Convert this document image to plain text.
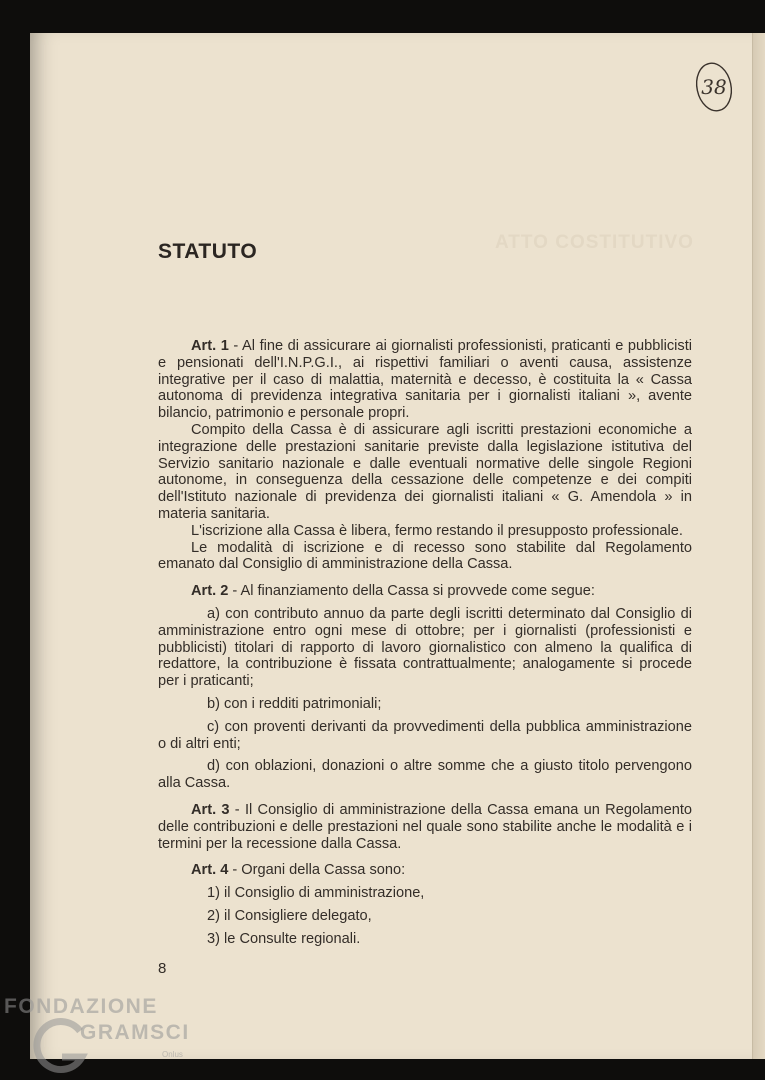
38
ATTO COSTITUTIVO
STATUTO

Art. 1 - Al fine di assicurare ai giornalisti professionisti, praticanti e pubblicisti e pensionati dell'I.N.P.G.I., ai rispettivi familiari o aventi causa, assistenze integrative per il caso di malattia, maternità e decesso, è costituita la « Cassa autonoma di previdenza integrativa sanitaria per i giornalisti italiani », avente bilancio, patrimonio e personale propri.

Compito della Cassa è di assicurare agli iscritti prestazioni economiche a integrazione delle prestazioni sanitarie previste dalla legislazione istitutiva del Servizio sanitario nazionale e dalle eventuali normative delle singole Regioni autonome, in conseguenza della cessazione delle competenze e dei compiti dell'Istituto nazionale di previdenza dei giornalisti italiani « G. Amendola » in materia sanitaria.

L'iscrizione alla Cassa è libera, fermo restando il presupposto professionale.

Le modalità di iscrizione e di recesso sono stabilite dal Regolamento emanato dal Consiglio di amministrazione della Cassa.

Art. 2 - Al finanziamento della Cassa si provvede come segue:

a) con contributo annuo da parte degli iscritti determinato dal Consiglio di amministrazione entro ogni mese di ottobre; per i giornalisti (professionisti e pubblicisti) titolari di rapporto di lavoro giornalistico con almeno la qualifica di redattore, la contribuzione è fissata contrattualmente; analogamente si procede per i praticanti;

b) con i redditi patrimoniali;

c) con proventi derivanti da provvedimenti della pubblica amministrazione o di altri enti;

d) con oblazioni, donazioni o altre somme che a giusto titolo pervengono alla Cassa.

Art. 3 - Il Consiglio di amministrazione della Cassa emana un Regolamento delle contribuzioni e delle prestazioni nel quale sono stabilite anche le modalità e i termini per la recessione dalla Cassa.

Art. 4 - Organi della Cassa sono:

1) il Consiglio di amministrazione,

2) il Consigliere delegato,

3) le Consulte regionali.

8
FONDAZIONE
GRAMSCI
Onlus
